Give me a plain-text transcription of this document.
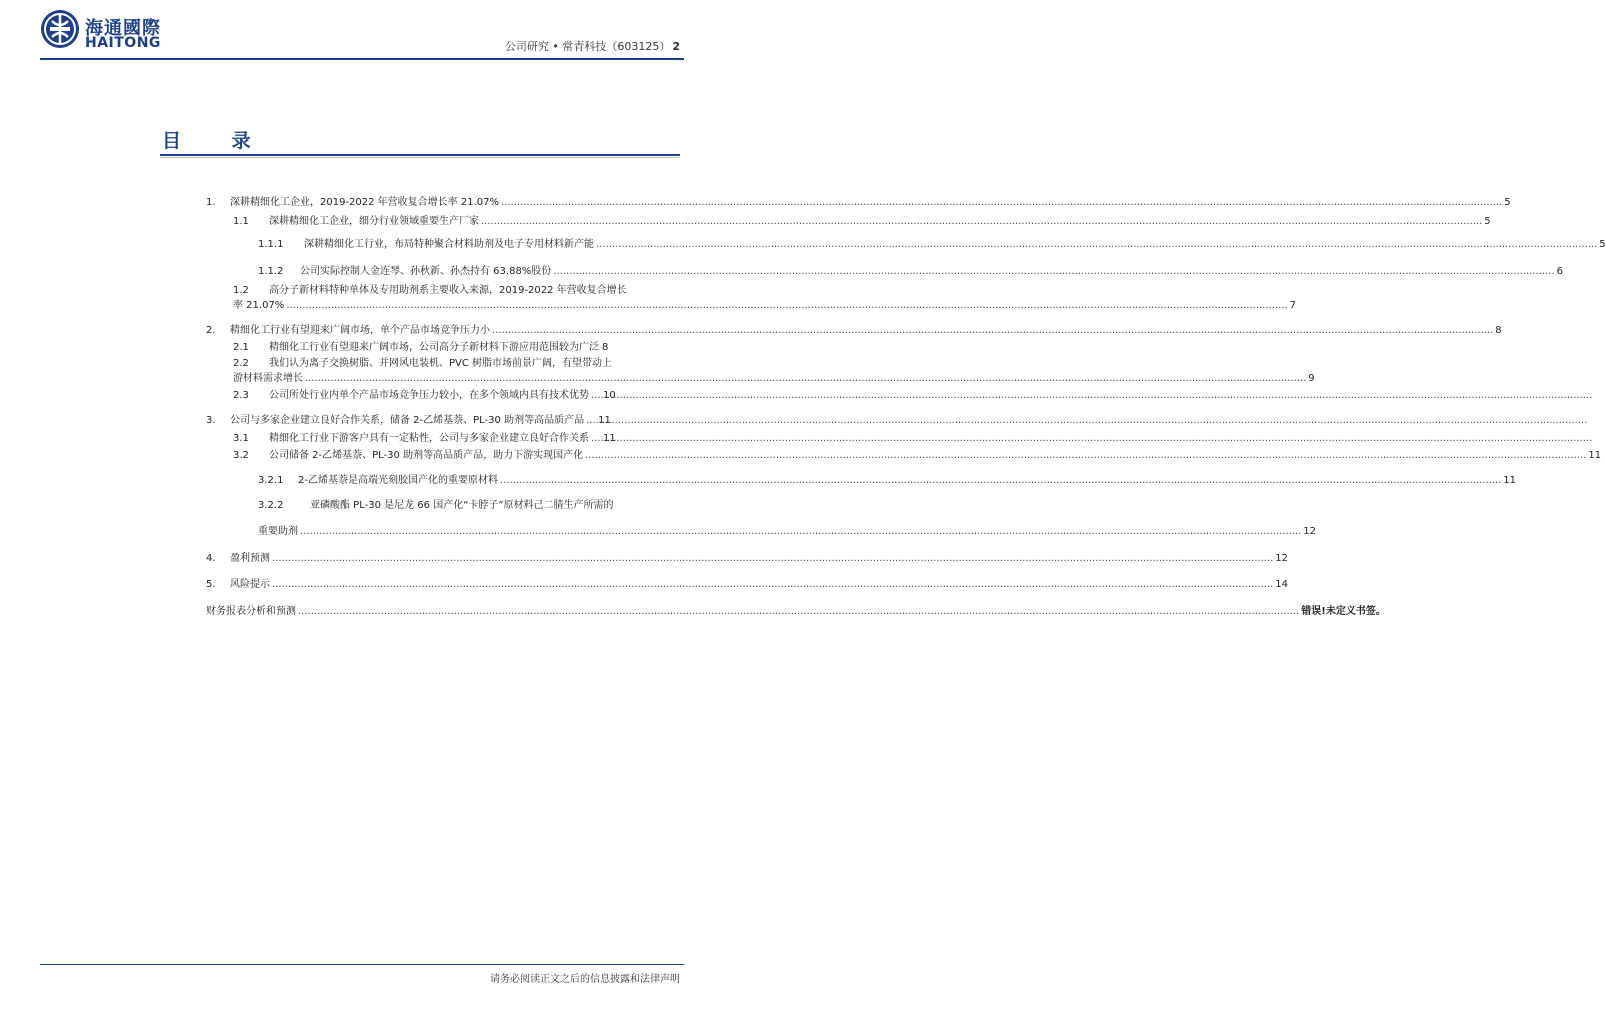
海通國際
HAITONG	公司研究 • 常青科技（603125） 2
目 录
1.	深耕精细化工企业，2019-2022 年营收复合增长率 21.07% .....	5
1.1	深耕精细化工企业，细分行业领域重要生产厂家 .....	5
1.1.1	深耕精细化工行业，布局特种聚合材料助剂及电子专用材料新产能 .....	5
1.1.2	公司实际控制人金连琴、孙秋新、孙杰持有 63.88%股份 .....	6
1.2	高分子新材料特种单体及专用助剂系主要收入来源，2019-2022 年营收复合增长
率 21.07% .....	7
2.	精细化工行业有望迎来广阔市场，单个产品市场竞争压力小 .....	8
2.1	精细化工行业有望迎来广阔市场，公司高分子新材料下游应用范围较为广泛 8
2.2	我们认为离子交换树脂、并网风电装机、PVC 树脂市场前景广阔，有望带动上
游材料需求增长 .....	9
2.3	公司所处行业内单个产品市场竞争压力较小，在多个领域内具有技术优势 ..... 10
3.	公司与多家企业建立良好合作关系，储备 2-乙烯基萘、PL-30 助剂等高品质产品 ..... 11
3.1	精细化工行业下游客户具有一定粘性，公司与多家企业建立良好合作关系 ..... 11
3.2	公司储备 2-乙烯基萘、PL-30 助剂等高品质产品，助力下游实现国产化 .....	11
3.2.1	2-乙烯基萘是高端光刻胶国产化的重要原材料 .....	11
3.2.2	亚磷酸酯 PL-30 是尼龙 66 国产化“卡脖子”原材料己二腈生产所需的
重要助剂 .....	12
4.	盈利预测 .....	12
5.	风险提示 .....	14
财务报表分析和预测 .....	错误!未定义书签。
请务必阅读正文之后的信息披露和法律声明
